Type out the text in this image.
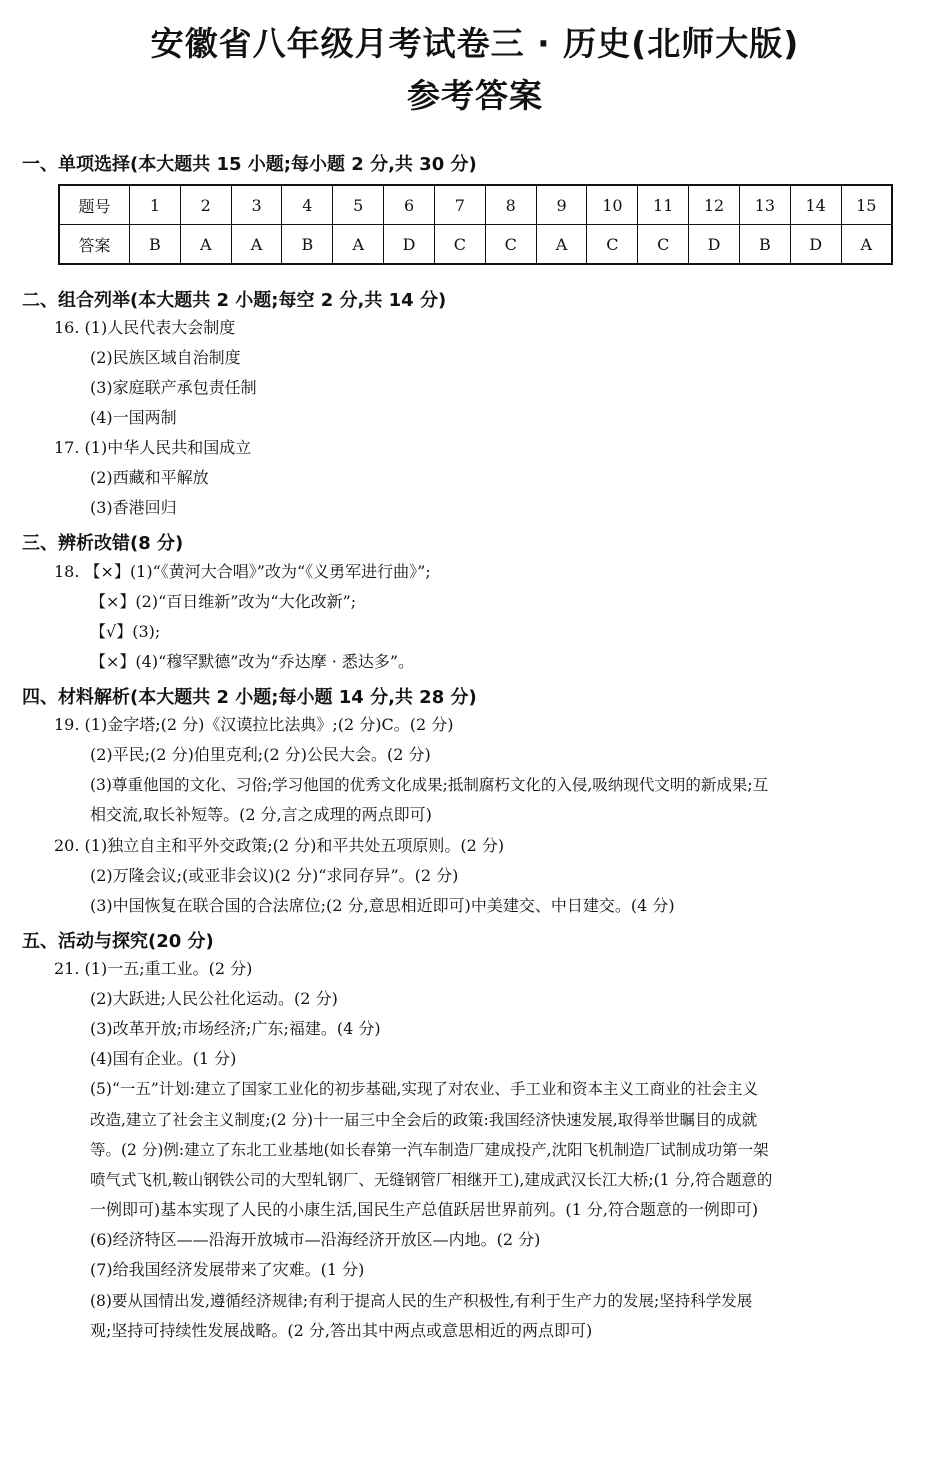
安徽省八年级月考试卷三 · 历史(北师大版)
参考答案
一、单项选择(本大题共 15 小题;每小题 2 分,共 30 分)
题号	1	2	3	4	5	6	7	8	9	10	11	12	13	14	15
答案	B	A	A	B	A	D	C	C	A	C	C	D	B	D	A
二、组合列举(本大题共 2 小题;每空 2 分,共 14 分)
16. (1)人民代表大会制度
(2)民族区域自治制度
(3)家庭联产承包责任制
(4)一国两制
17. (1)中华人民共和国成立
(2)西藏和平解放
(3)香港回归
三、辨析改错(8 分)
18. 【×】(1)“《黄河大合唱》”改为“《义勇军进行曲》”;
【×】(2)“百日维新”改为“大化改新”;
【√】(3);
【×】(4)“穆罕默德”改为“乔达摩 · 悉达多”。
四、材料解析(本大题共 2 小题;每小题 14 分,共 28 分)
19. (1)金字塔;(2 分)《汉谟拉比法典》;(2 分)C。(2 分)
(2)平民;(2 分)伯里克利;(2 分)公民大会。(2 分)
(3)尊重他国的文化、习俗;学习他国的优秀文化成果;抵制腐朽文化的入侵,吸纳现代文明的新成果;互
相交流,取长补短等。(2 分,言之成理的两点即可)
20. (1)独立自主和平外交政策;(2 分)和平共处五项原则。(2 分)
(2)万隆会议;(或亚非会议)(2 分)“求同存异”。(2 分)
(3)中国恢复在联合国的合法席位;(2 分,意思相近即可)中美建交、中日建交。(4 分)
五、活动与探究(20 分)
21. (1)一五;重工业。(2 分)
(2)大跃进;人民公社化运动。(2 分)
(3)改革开放;市场经济;广东;福建。(4 分)
(4)国有企业。(1 分)
(5)“一五”计划:建立了国家工业化的初步基础,实现了对农业、手工业和资本主义工商业的社会主义
改造,建立了社会主义制度;(2 分)十一届三中全会后的政策:我国经济快速发展,取得举世瞩目的成就
等。(2 分)例:建立了东北工业基地(如长春第一汽车制造厂建成投产,沈阳飞机制造厂试制成功第一架
喷气式飞机,鞍山钢铁公司的大型轧钢厂、无缝钢管厂相继开工),建成武汉长江大桥;(1 分,符合题意的
一例即可)基本实现了人民的小康生活,国民生产总值跃居世界前列。(1 分,符合题意的一例即可)
(6)经济特区——沿海开放城市—沿海经济开放区—内地。(2 分)
(7)给我国经济发展带来了灾难。(1 分)
(8)要从国情出发,遵循经济规律;有利于提高人民的生产积极性,有利于生产力的发展;坚持科学发展
观;坚持可持续性发展战略。(2 分,答出其中两点或意思相近的两点即可)
